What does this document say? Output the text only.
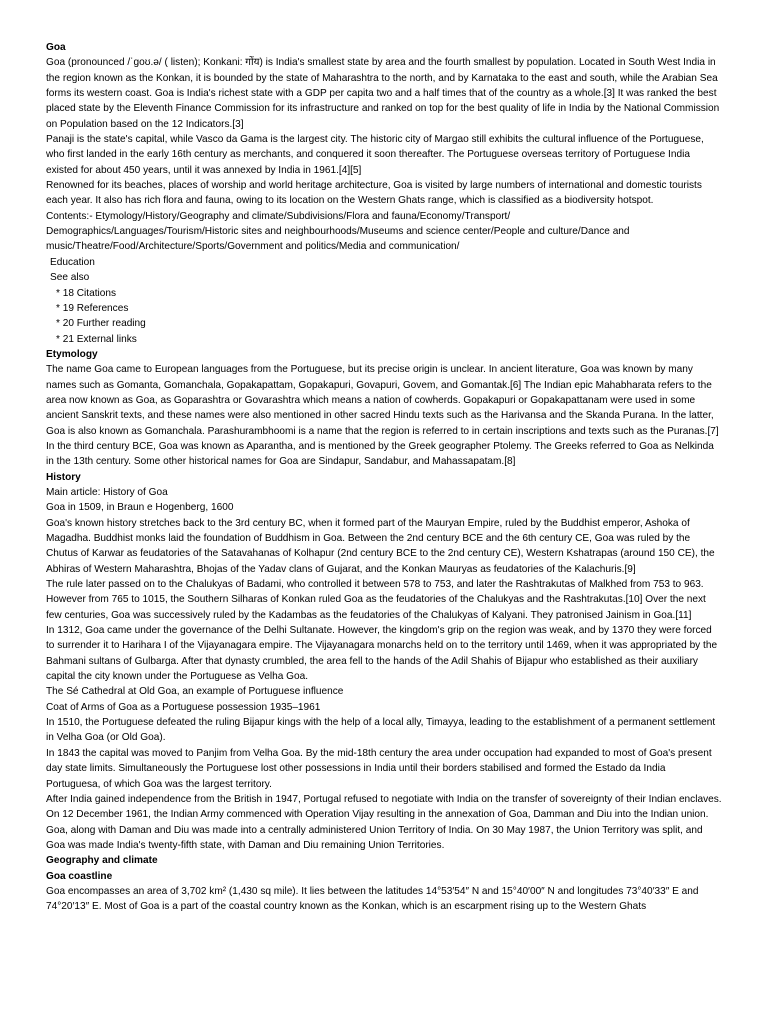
Goa

Goa (pronounced /ˈɡoʊ.ə/ ( listen); Konkani: गोंय) is India's smallest state by area and the fourth smallest by population. Located in South West India in the region known as the Konkan, it is bounded by the state of Maharashtra to the north, and by Karnataka to the east and south, while the Arabian Sea forms its western coast. Goa is India's richest state with a GDP per capita two and a half times that of the country as a whole.[3] It was ranked the best placed state by the Eleventh Finance Commission for its infrastructure and ranked on top for the best quality of life in India by the National Commission on Population based on the 12 Indicators.[3]

Panaji is the state's capital, while Vasco da Gama is the largest city. The historic city of Margao still exhibits the cultural influence of the Portuguese, who first landed in the early 16th century as merchants, and conquered it soon thereafter. The Portuguese overseas territory of Portuguese India existed for about 450 years, until it was annexed by India in 1961.[4][5]

Renowned for its beaches, places of worship and world heritage architecture, Goa is visited by large numbers of international and domestic tourists each year. It also has rich flora and fauna, owing to its location on the Western Ghats range, which is classified as a biodiversity hotspot.

Contents:- Etymology/History/Geography and climate/Subdivisions/Flora and fauna/Economy/Transport/

Demographics/Languages/Tourism/Historic sites and neighbourhoods/Museums and science center/People and culture/Dance and music/Theatre/Food/Architecture/Sports/Government and politics/Media and communication/

Education

See also

* 18 Citations

* 19 References

* 20 Further reading

* 21 External links

Etymology

The name Goa came to European languages from the Portuguese, but its precise origin is unclear. In ancient literature, Goa was known by many names such as Gomanta, Gomanchala, Gopakapattam, Gopakapuri, Govapuri, Govem, and Gomantak.[6] The Indian epic Mahabharata refers to the area now known as Goa, as Goparashtra or Govarashtra which means a nation of cowherds. Gopakapuri or Gopakapattanam were used in some ancient Sanskrit texts, and these names were also mentioned in other sacred Hindu texts such as the Harivansa and the Skanda Purana. In the latter, Goa is also known as Gomanchala. Parashurambhoomi is a name that the region is referred to in certain inscriptions and texts such as the Puranas.[7] In the third century BCE, Goa was known as Aparantha, and is mentioned by the Greek geographer Ptolemy. The Greeks referred to Goa as Nelkinda in the 13th century. Some other historical names for Goa are Sindapur, Sandabur, and Mahassapatam.[8]

History

Main article: History of Goa

Goa in 1509, in Braun e Hogenberg, 1600

Goa's known history stretches back to the 3rd century BC, when it formed part of the Mauryan Empire, ruled by the Buddhist emperor, Ashoka of Magadha. Buddhist monks laid the foundation of Buddhism in Goa. Between the 2nd century BCE and the 6th century CE, Goa was ruled by the Chutus of Karwar as feudatories of the Satavahanas of Kolhapur (2nd century BCE to the 2nd century CE), Western Kshatrapas (around 150 CE), the Abhiras of Western Maharashtra, Bhojas of the Yadav clans of Gujarat, and the Konkan Mauryas as feudatories of the Kalachuris.[9]

The rule later passed on to the Chalukyas of Badami, who controlled it between 578 to 753, and later the Rashtrakutas of Malkhed from 753 to 963. However from 765 to 1015, the Southern Silharas of Konkan ruled Goa as the feudatories of the Chalukyas and the Rashtrakutas.[10] Over the next few centuries, Goa was successively ruled by the Kadambas as the feudatories of the Chalukyas of Kalyani. They patronised Jainism in Goa.[11]

In 1312, Goa came under the governance of the Delhi Sultanate. However, the kingdom's grip on the region was weak, and by 1370 they were forced to surrender it to Harihara I of the Vijayanagara empire. The Vijayanagara monarchs held on to the territory until 1469, when it was appropriated by the Bahmani sultans of Gulbarga. After that dynasty crumbled, the area fell to the hands of the Adil Shahis of Bijapur who established as their auxiliary capital the city known under the Portuguese as Velha Goa.

The Sé Cathedral at Old Goa, an example of Portuguese influence

Coat of Arms of Goa as a Portuguese possession 1935–1961

In 1510, the Portuguese defeated the ruling Bijapur kings with the help of a local ally, Timayya, leading to the establishment of a permanent settlement in Velha Goa (or Old Goa).

In 1843 the capital was moved to Panjim from Velha Goa. By the mid-18th century the area under occupation had expanded to most of Goa's present day state limits. Simultaneously the Portuguese lost other possessions in India until their borders stabilised and formed the Estado da India Portuguesa, of which Goa was the largest territory.

After India gained independence from the British in 1947, Portugal refused to negotiate with India on the transfer of sovereignty of their Indian enclaves. On 12 December 1961, the Indian Army commenced with Operation Vijay resulting in the annexation of Goa, Damman and Diu into the Indian union. Goa, along with Daman and Diu was made into a centrally administered Union Territory of India. On 30 May 1987, the Union Territory was split, and Goa was made India's twenty-fifth state, with Daman and Diu remaining Union Territories.

Geography and climate
Goa coastline

Goa encompasses an area of 3,702 km² (1,430 sq mile). It lies between the latitudes 14°53′54″ N and 15°40′00″ N and longitudes 73°40′33″ E and 74°20′13″ E. Most of Goa is a part of the coastal country known as the Konkan, which is an escarpment rising up to the Western Ghats
